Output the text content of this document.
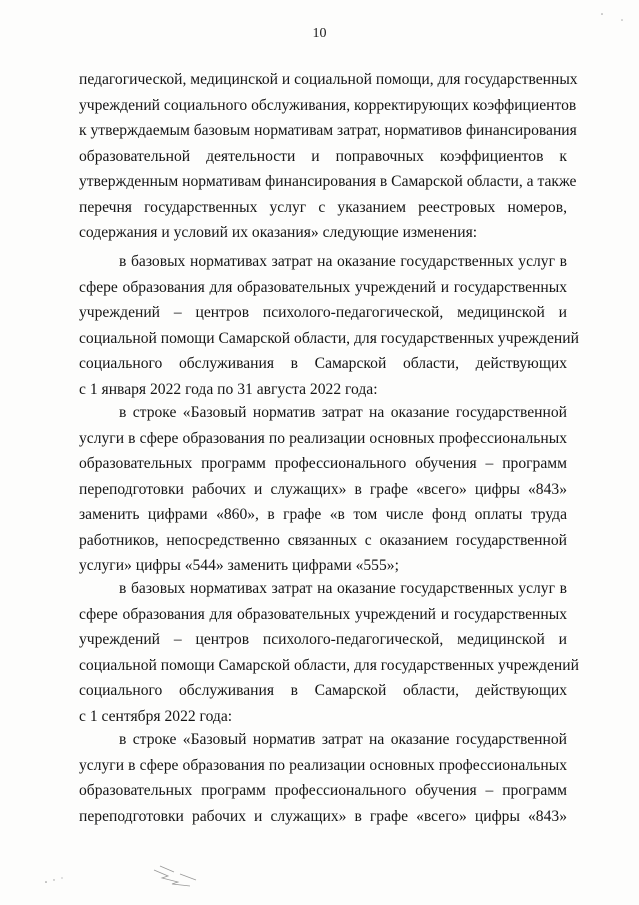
10
педагогической, медицинской и социальной помощи, для государственных
учреждений социального обслуживания, корректирующих коэффициентов
к утверждаемым базовым нормативам затрат, нормативов финансирования
образовательной деятельности и поправочных коэффициентов к
утвержденным нормативам финансирования в Самарской области, а также
перечня государственных услуг с указанием реестровых номеров,
содержания и условий их оказания» следующие изменения:
в базовых нормативах затрат на оказание государственных услуг в
сфере образования для образовательных учреждений и государственных
учреждений – центров психолого-педагогической, медицинской и
социальной помощи Самарской области, для государственных учреждений
социального обслуживания в Самарской области, действующих
с 1 января 2022 года по 31 августа 2022 года:
в строке «Базовый норматив затрат на оказание государственной
услуги в сфере образования по реализации основных профессиональных
образовательных программ профессионального обучения – программ
переподготовки рабочих и служащих» в графе «всего» цифры «843»
заменить цифрами «860», в графе «в том числе фонд оплаты труда
работников, непосредственно связанных с оказанием государственной
услуги» цифры «544» заменить цифрами «555»;
в базовых нормативах затрат на оказание государственных услуг в
сфере образования для образовательных учреждений и государственных
учреждений – центров психолого-педагогической, медицинской и
социальной помощи Самарской области, для государственных учреждений
социального обслуживания в Самарской области, действующих
с 1 сентября 2022 года:
в строке «Базовый норматив затрат на оказание государственной
услуги в сфере образования по реализации основных профессиональных
образовательных программ профессионального обучения – программ
переподготовки рабочих и служащих» в графе «всего» цифры «843»
